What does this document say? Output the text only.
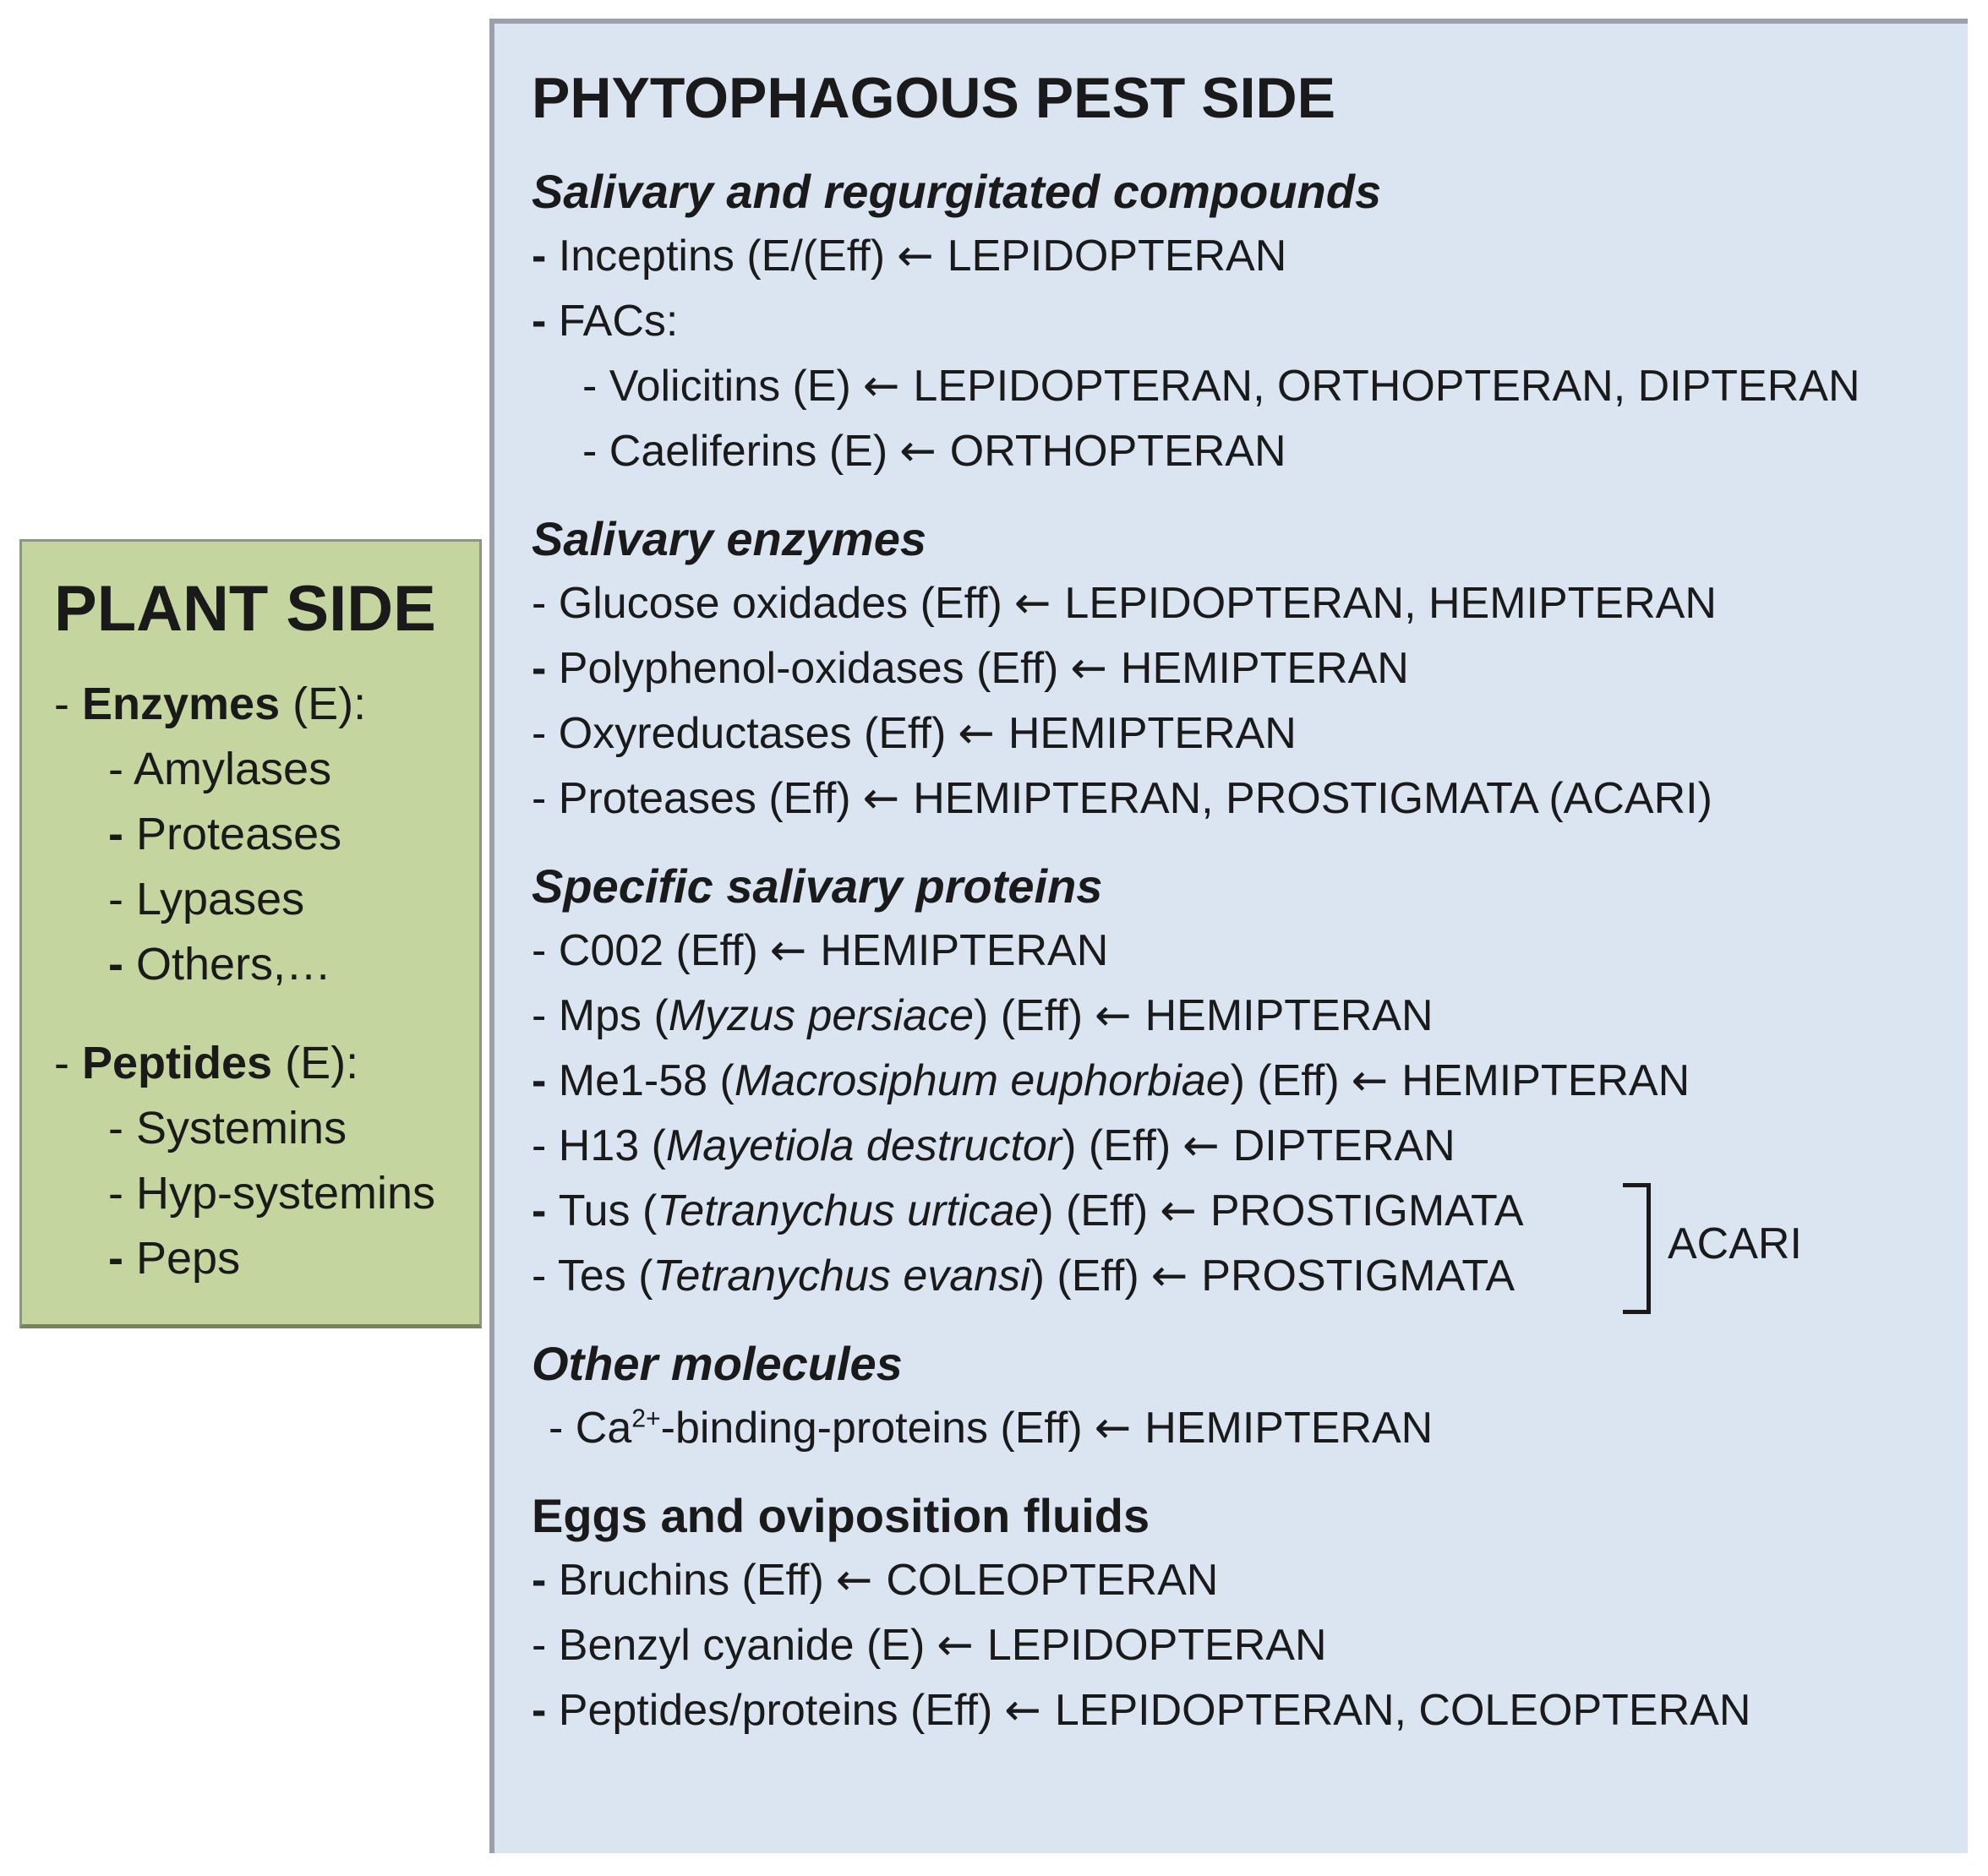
PLANT SIDE
- Enzymes (E):
- Amylases
- Proteases
- Lypases
- Others,…
- Peptides (E):
- Systemins
- Hyp-systemins
- Peps
PHYTOPHAGOUS PEST SIDE
Salivary and regurgitated compounds
- Inceptins (E/(Eff) ← LEPIDOPTERAN
- FACs:
- Volicitins (E) ← LEPIDOPTERAN, ORTHOPTERAN, DIPTERAN
- Caeliferins (E) ← ORTHOPTERAN
Salivary enzymes
- Glucose oxidades (Eff) ← LEPIDOPTERAN, HEMIPTERAN
- Polyphenol-oxidases (Eff) ← HEMIPTERAN
- Oxyreductases (Eff) ← HEMIPTERAN
- Proteases (Eff) ← HEMIPTERAN, PROSTIGMATA (ACARI)
Specific salivary proteins
- C002 (Eff) ← HEMIPTERAN
- Mps (Myzus persiace) (Eff) ← HEMIPTERAN
- Me1-58 (Macrosiphum euphorbiae) (Eff) ← HEMIPTERAN
- H13 (Mayetiola destructor) (Eff) ← DIPTERAN
- Tus (Tetranychus urticae) (Eff) ← PROSTIGMATA
- Tes (Tetranychus evansi) (Eff) ← PROSTIGMATA
Other molecules
- $Ca^{2+}-binding$-proteins (Eff) ← HEMIPTERAN
Eggs and oviposition fluids
- Bruchins (Eff) ← COLEOPTERAN
- Benzyl cyanide (E) ← LEPIDOPTERAN
- Peptides/proteins (Eff) ← LEPIDOPTERAN, COLEOPTERAN
ACARI
